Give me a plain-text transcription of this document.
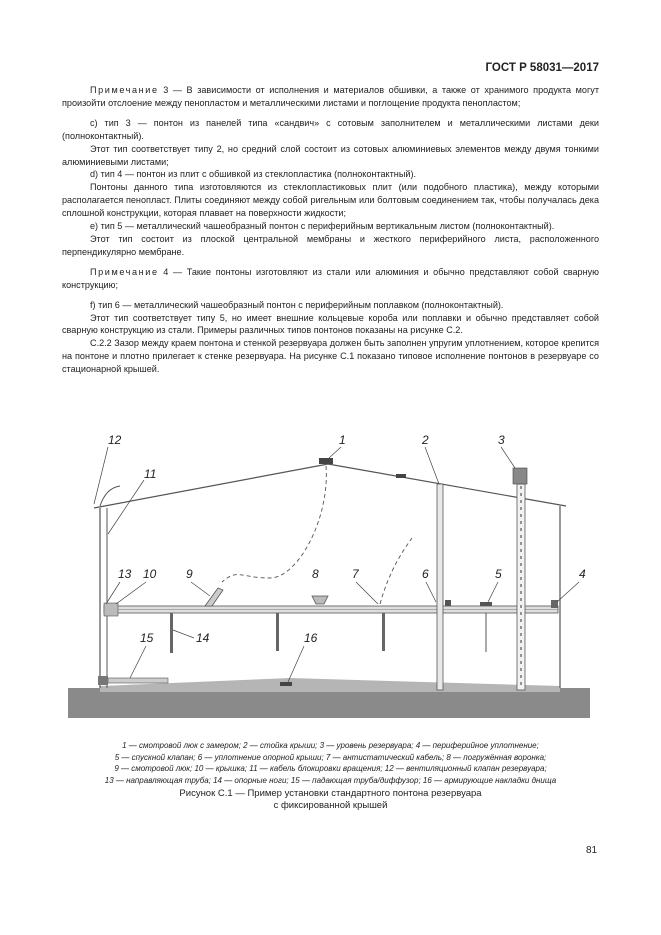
ГОСТ Р 58031—2017

Примечание 3 — В зависимости от исполнения и материалов обшивки, а также от хранимого продукта могут произойти отслоение между пенопластом и металлическими листами и поглощение продукта пенопластом;

с) тип 3 — понтон из панелей типа «сандвич» с сотовым заполнителем и металлическими листами деки (полноконтактный).

Этот тип соответствует типу 2, но средний слой состоит из сотовых алюминиевых элементов между двумя тонкими алюминиевыми листами;

d) тип 4 — понтон из плит с обшивкой из стеклопластика (полноконтактный).

Понтоны данного типа изготовляются из стеклопластиковых плит (или подобного пластика), между которыми располагается пенопласт. Плиты соединяют между собой ригельным или болтовым соединением так, чтобы получалась дека сплошной конструкции, которая плавает на поверхности жидкости;

е) тип 5 — металлический чашеобразный понтон с периферийным вертикальным листом (полноконтактный).

Этот тип состоит из плоской центральной мембраны и жесткого периферийного листа, расположенного перпендикулярно мембране.

Примечание 4 — Такие понтоны изготовляют из стали или алюминия и обычно представляют собой сварную конструкцию;

f) тип 6 — металлический чашеобразный понтон с периферийным поплавком (полноконтактный).

Этот тип соответствует типу 5, но имеет внешние кольцевые короба или поплавки и обычно представляет собой сварную конструкцию из стали. Примеры различных типов понтонов показаны на рисунке С.2.

С.2.2 Зазор между краем понтона и стенкой резервуара должен быть заполнен упругим уплотнением, которое крепится на понтоне и плотно прилегает к стенке резервуара. На рисунке С.1 показано типовое исполнение понтонов в резервуаре со стационарной крышей.

1	2	3
4
5
6
7
8
9
10
11
12
13
14
15	16
1 — смотровой люк с замером; 2 — стойка крыши; 3 — уровень резервуара; 4 — периферийное уплотнение;
5 — спускной клапан; 6 — уплотнение опорной крыши; 7 — антистатический кабель; 8 — погружённая воронка;
9 — смотровой люк; 10 — крышка; 11 — кабель блокировки вращения; 12 — вентиляционный клапан резервуара;
13 — направляющая труба; 14 — опорные ноги; 15 — падающая труба/диффузор; 16 — армирующие накладки днища
Рисунок С.1 — Пример установки стандартного понтона резервуара
с фиксированной крышей
81
